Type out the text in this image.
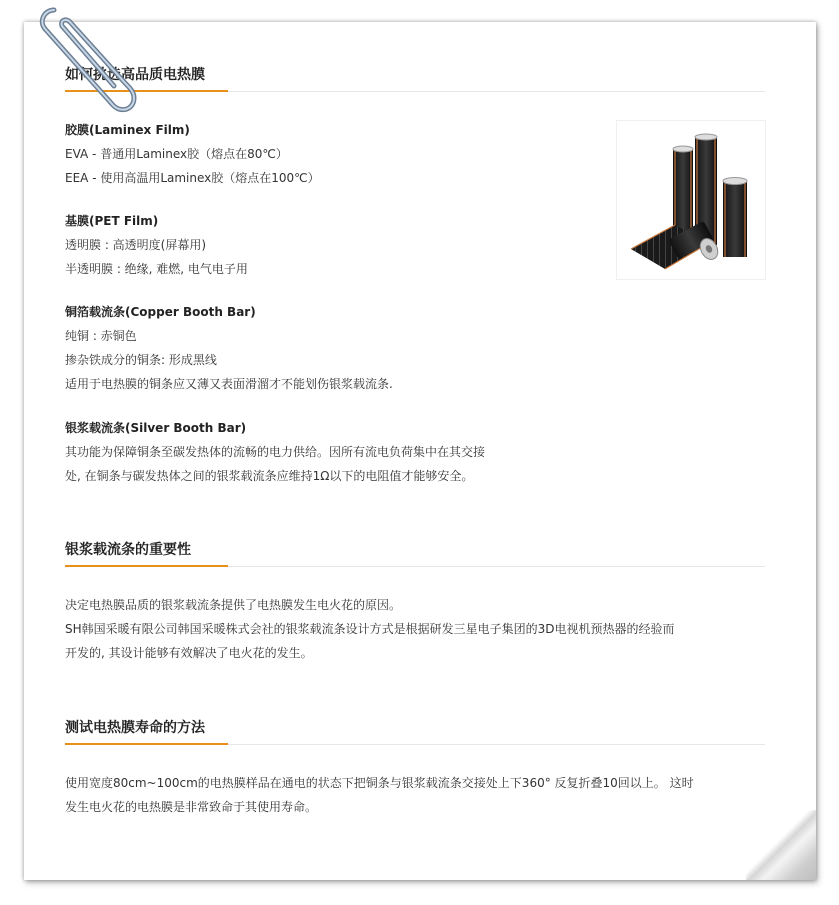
如何挑选高品质电热膜
胶膜(Laminex Film)
EVA - 普通用Laminex胶（熔点在80℃）
EEA - 使用高温用Laminex胶（熔点在100℃）
基膜(PET Film)
透明膜 : 高透明度(屏幕用)
半透明膜 : 绝缘, 难燃, 电气电子用
铜箔载流条(Copper Booth Bar)
纯铜 : 赤铜色
掺杂铁成分的铜条: 形成黑线
适用于电热膜的铜条应又薄又表面滑溜才不能划伤银浆载流条.
银浆载流条(Silver Booth Bar)
其功能为保障铜条至碳发热体的流畅的电力供给。因所有流电负荷集中在其交接
处, 在铜条与碳发热体之间的银浆载流条应维持1Ω以下的电阻值才能够安全。
银浆载流条的重要性
决定电热膜品质的银浆载流条提供了电热膜发生电火花的原因。
SH韩国采暖有限公司韩国采暖株式会社的银浆载流条设计方式是根据研发三星电子集团的3D电视机预热器的经验而
开发的, 其设计能够有效解决了电火花的发生。
测试电热膜寿命的方法
使用宽度80cm~100cm的电热膜样品在通电的状态下把铜条与银浆载流条交接处上下360° 反复折叠10回以上。 这时
发生电火花的电热膜是非常致命于其使用寿命。
